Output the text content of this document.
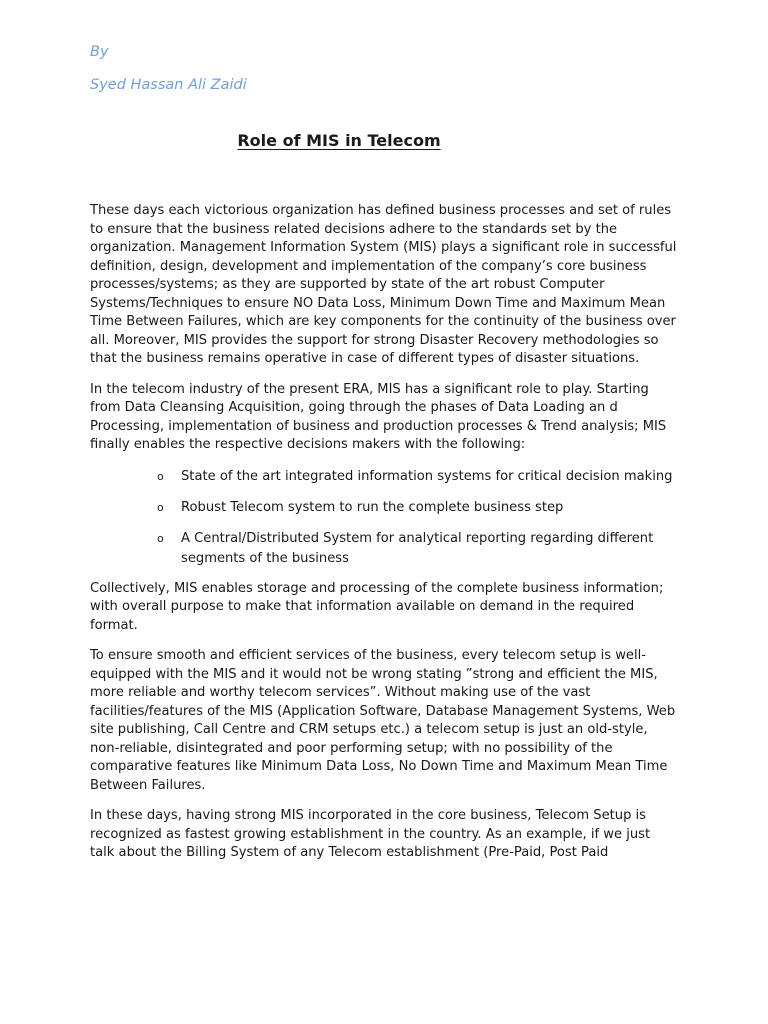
By

Syed Hassan Ali Zaidi

Role of MIS in Telecom

These days each victorious organization has defined business processes and set of rules to ensure that the business related decisions adhere to the standards set by the organization. Management Information System (MIS) plays a significant role in successful definition, design, development and implementation of the company’s core business processes/systems; as they are supported by state of the art robust Computer Systems/Techniques to ensure NO Data Loss, Minimum Down Time and Maximum Mean Time Between Failures, which are key components for the continuity of the business over all. Moreover, MIS provides the support for strong Disaster Recovery methodologies so that the business remains operative in case of different types of disaster situations.

In the telecom industry of the present ERA, MIS has a significant role to play. Starting from Data Cleansing Acquisition, going through the phases of Data Loading an d Processing, implementation of business and production processes & Trend analysis; MIS finally enables the respective decisions makers with the following:

o State of the art integrated information systems for critical decision making
o Robust Telecom system to run the complete business step
o A Central/Distributed System for analytical reporting regarding different segments of the business

Collectively, MIS enables storage and processing of the complete business information; with overall purpose to make that information available on demand in the required format.

To ensure smooth and efficient services of the business, every telecom setup is well-equipped with the MIS and it would not be wrong stating ”strong and efficient the MIS, more reliable and worthy telecom services”. Without making use of the vast facilities/features of the MIS (Application Software, Database Management Systems, Web site publishing, Call Centre and CRM setups etc.) a telecom setup is just an old-style, non-reliable, disintegrated and poor performing setup; with no possibility of the comparative features like Minimum Data Loss, No Down Time and Maximum Mean Time Between Failures.

In these days, having strong MIS incorporated in the core business, Telecom Setup is recognized as fastest growing establishment in the country. As an example, if we just talk about the Billing System of any Telecom establishment (Pre-Paid, Post Paid
